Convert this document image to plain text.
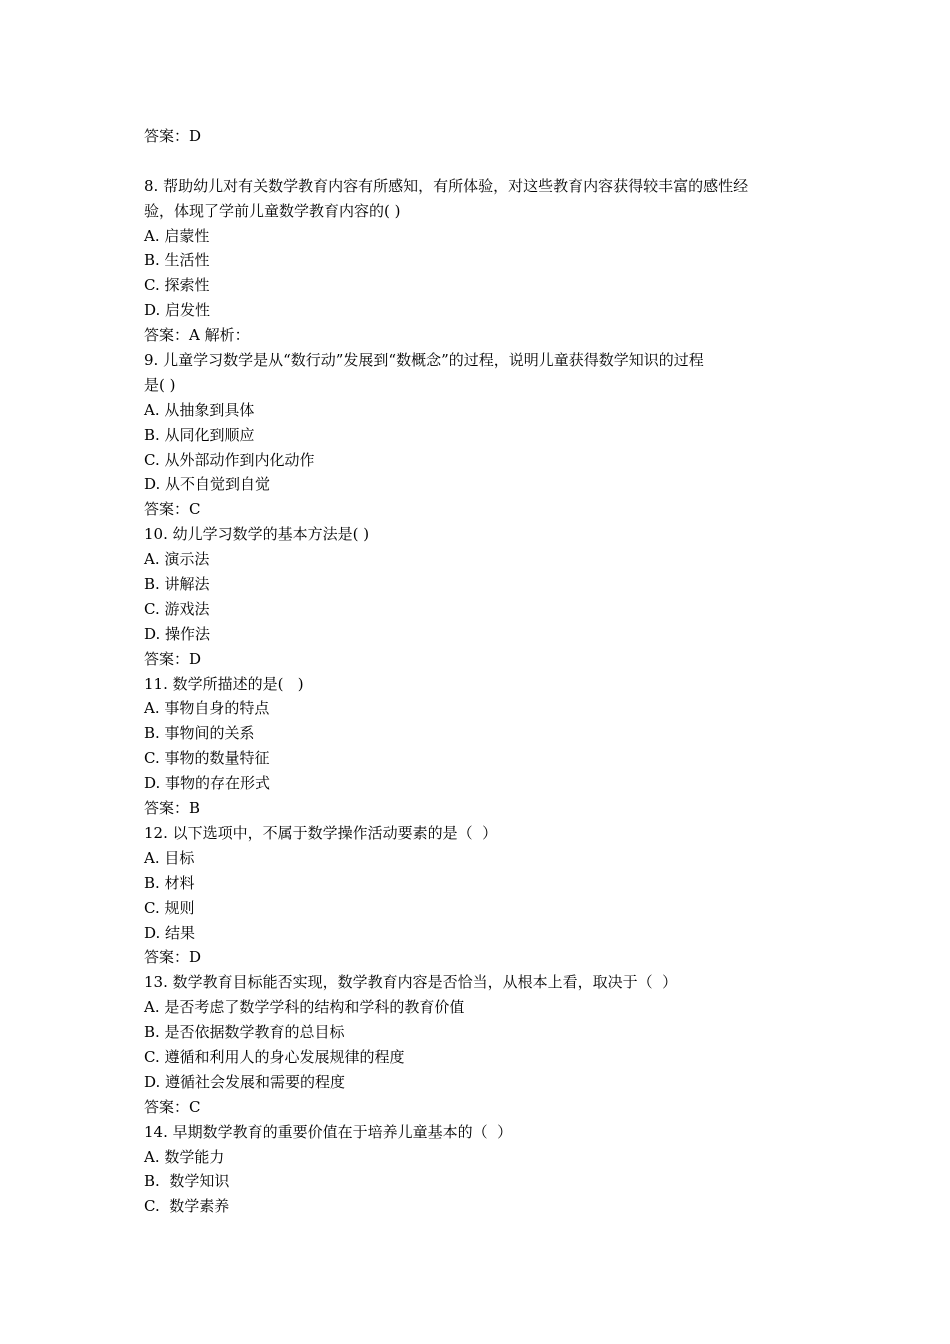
答案：D
8. 帮助幼儿对有关数学教育内容有所感知，有所体验，对这些教育内容获得较丰富的感性经
验，体现了学前儿童数学教育内容的( )
A. 启蒙性
B. 生活性
C. 探索性
D. 启发性
答案：A 解析：
9. 儿童学习数学是从“数行动”发展到“数概念”的过程，说明儿童获得数学知识的过程
是( )
A. 从抽象到具体
B. 从同化到顺应
C. 从外部动作到内化动作
D. 从不自觉到自觉
答案：C
10. 幼儿学习数学的基本方法是( )
A. 演示法
B. 讲解法
C. 游戏法
D. 操作法
答案：D
11. 数学所描述的是(   )
A. 事物自身的特点
B. 事物间的关系
C. 事物的数量特征
D. 事物的存在形式
答案：B
12. 以下选项中，不属于数学操作活动要素的是（  ）
A. 目标
B. 材料
C. 规则
D. 结果
答案：D
13. 数学教育目标能否实现，数学教育内容是否恰当，从根本上看，取决于（  ）
A. 是否考虑了数学学科的结构和学科的教育价值
B. 是否依据数学教育的总目标
C. 遵循和利用人的身心发展规律的程度
D. 遵循社会发展和需要的程度
答案：C
14. 早期数学教育的重要价值在于培养儿童基本的（  ）
A. 数学能力
B.  数学知识
C.  数学素养
